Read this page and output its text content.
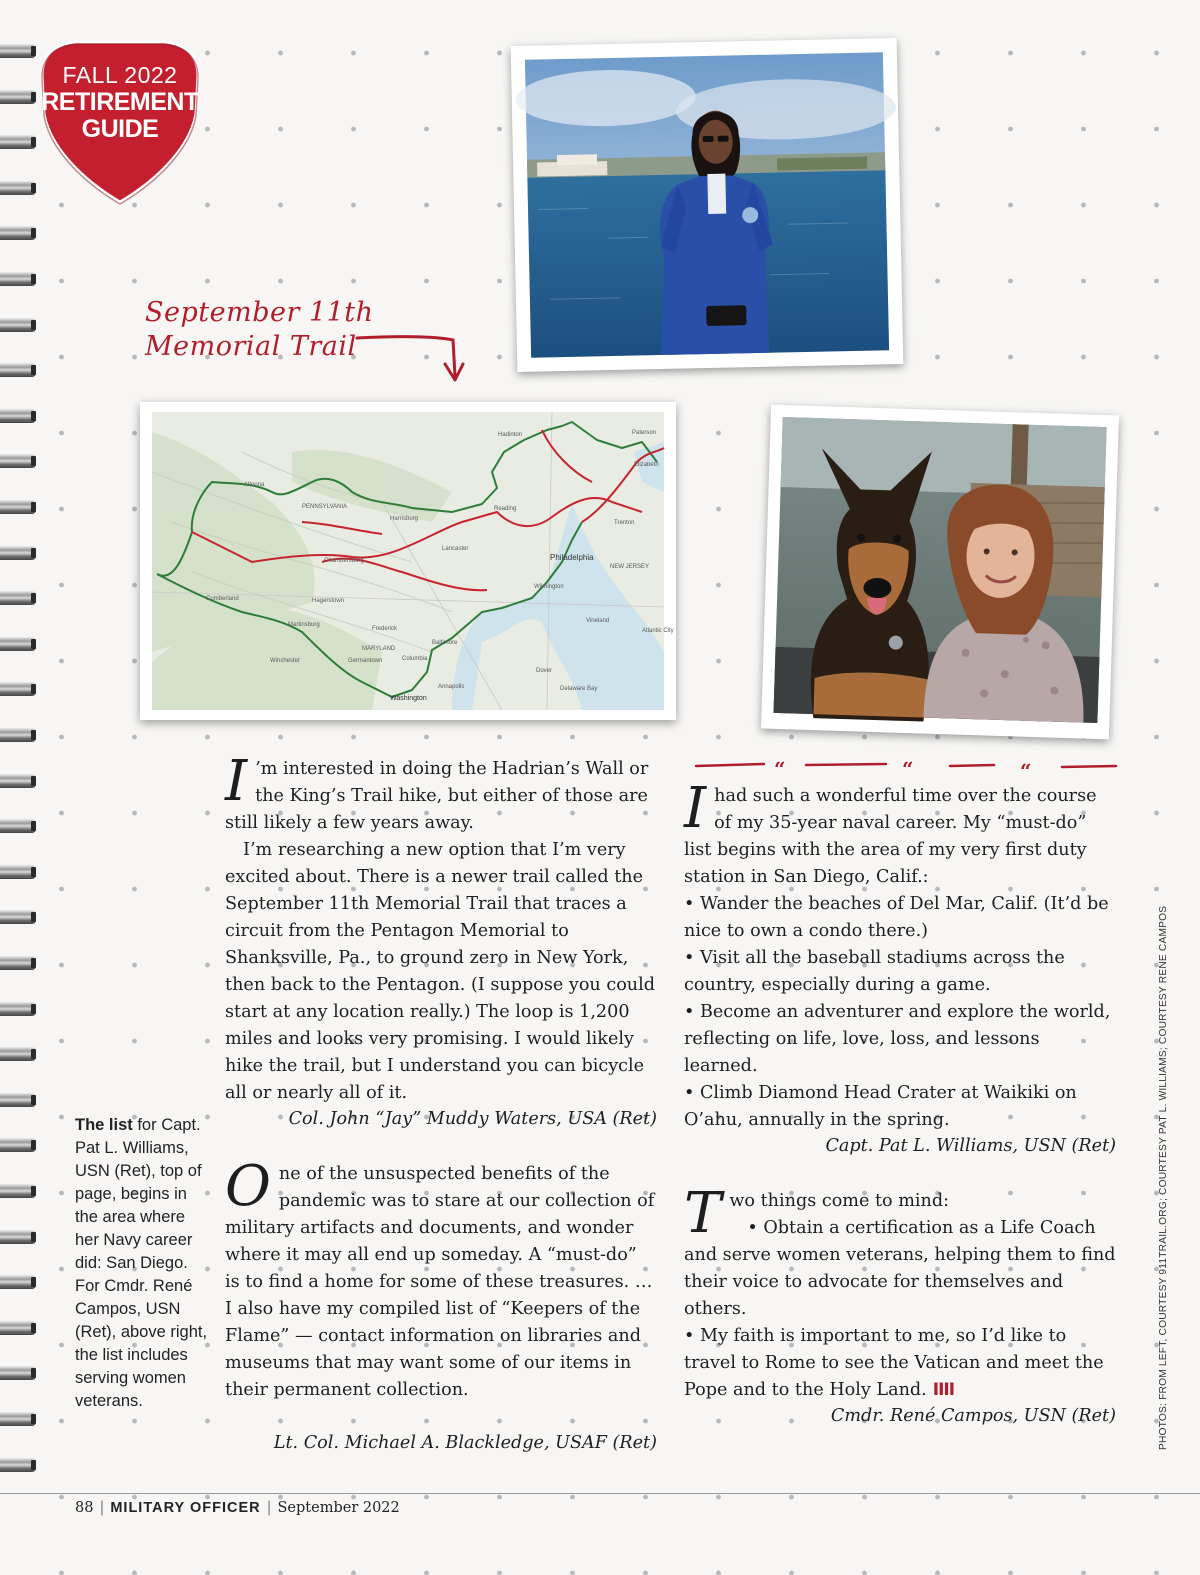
FALL 2022
RETIREMENT
GUIDE
September 11th
Memorial Trail
Hadinton
Altoona
PENNSYLVANIA
Harrisburg
Reading
Lancaster
Philadelphia
NEW JERSEY
Trenton
Chambersburg
Cumberland	Hagerstown
Frederick
MARYLAND
Baltimore
Washington
Winchester	Germantown
Annapolis
Dover
Vineland
Atlantic City
Delaware Bay
Wilmington
Elizabeth
Paterson
Martinsburg
Columbia
“	“	“

I ’m interested in doing the Hadrian’s Wall or the King’s Trail hike, but either of those are still likely a few years away.

I’m researching a new option that I’m very excited about. There is a newer trail called the September 11th Memorial Trail that traces a circuit from the Pentagon Memorial to Shanksville, Pa., to ground zero in New York, then back to the Pentagon. (I suppose you could start at any location really.) The loop is 1,200 miles and looks very promising. I would likely hike the trail, but I understand you can bicycle all or nearly all of it.

Col. John “Jay” Muddy Waters, USA (Ret)

One of the unsuspected benefits of the pandemic was to stare at our collection of military artifacts and documents, and wonder where it may all end up someday. A “must-do” is to find a home for some of these treasures. … I also have my compiled list of “Keepers of the Flame” — contact information on libraries and museums that may want some of our items in their permanent collection.

Lt. Col. Michael A. Blackledge, USAF (Ret)

Ihad such a wonderful time over the course of my 35-year naval career. My “must-do” list begins with the area of my very first duty station in San Diego, Calif.:

• Wander the beaches of Del Mar, Calif. (It’d be nice to own a condo there.)

• Visit all the baseball stadiums across the country, especially during a game.

• Become an adventurer and explore the world, reflecting on life, love, loss, and lessons learned.

• Climb Diamond Head Crater at Waikiki on O’ahu, annually in the spring.

Capt. Pat L. Williams, USN (Ret)

Two things come to mind:

• Obtain a certification as a Life Coach and serve women veterans, helping them to find their voice to advocate for themselves and others.

• My faith is important to me, so I’d like to travel to Rome to see the Vatican and meet the Pope and to the Holy Land. IIII

Cmdr. René Campos, USN (Ret)
The list for Capt. Pat L. Williams, USN (Ret), top of page, begins in the area where her Navy career did: San Diego. For Cmdr. René Campos, USN (Ret), above right, the list includes serving women veterans.	PHOTOS: FROM LEFT, COURTESY 911TRAIL.ORG; COURTESY PAT L. WILLIAMS; COURTESY RENE CAMPOS
88 | MILITARY OFFICER | September 2022
